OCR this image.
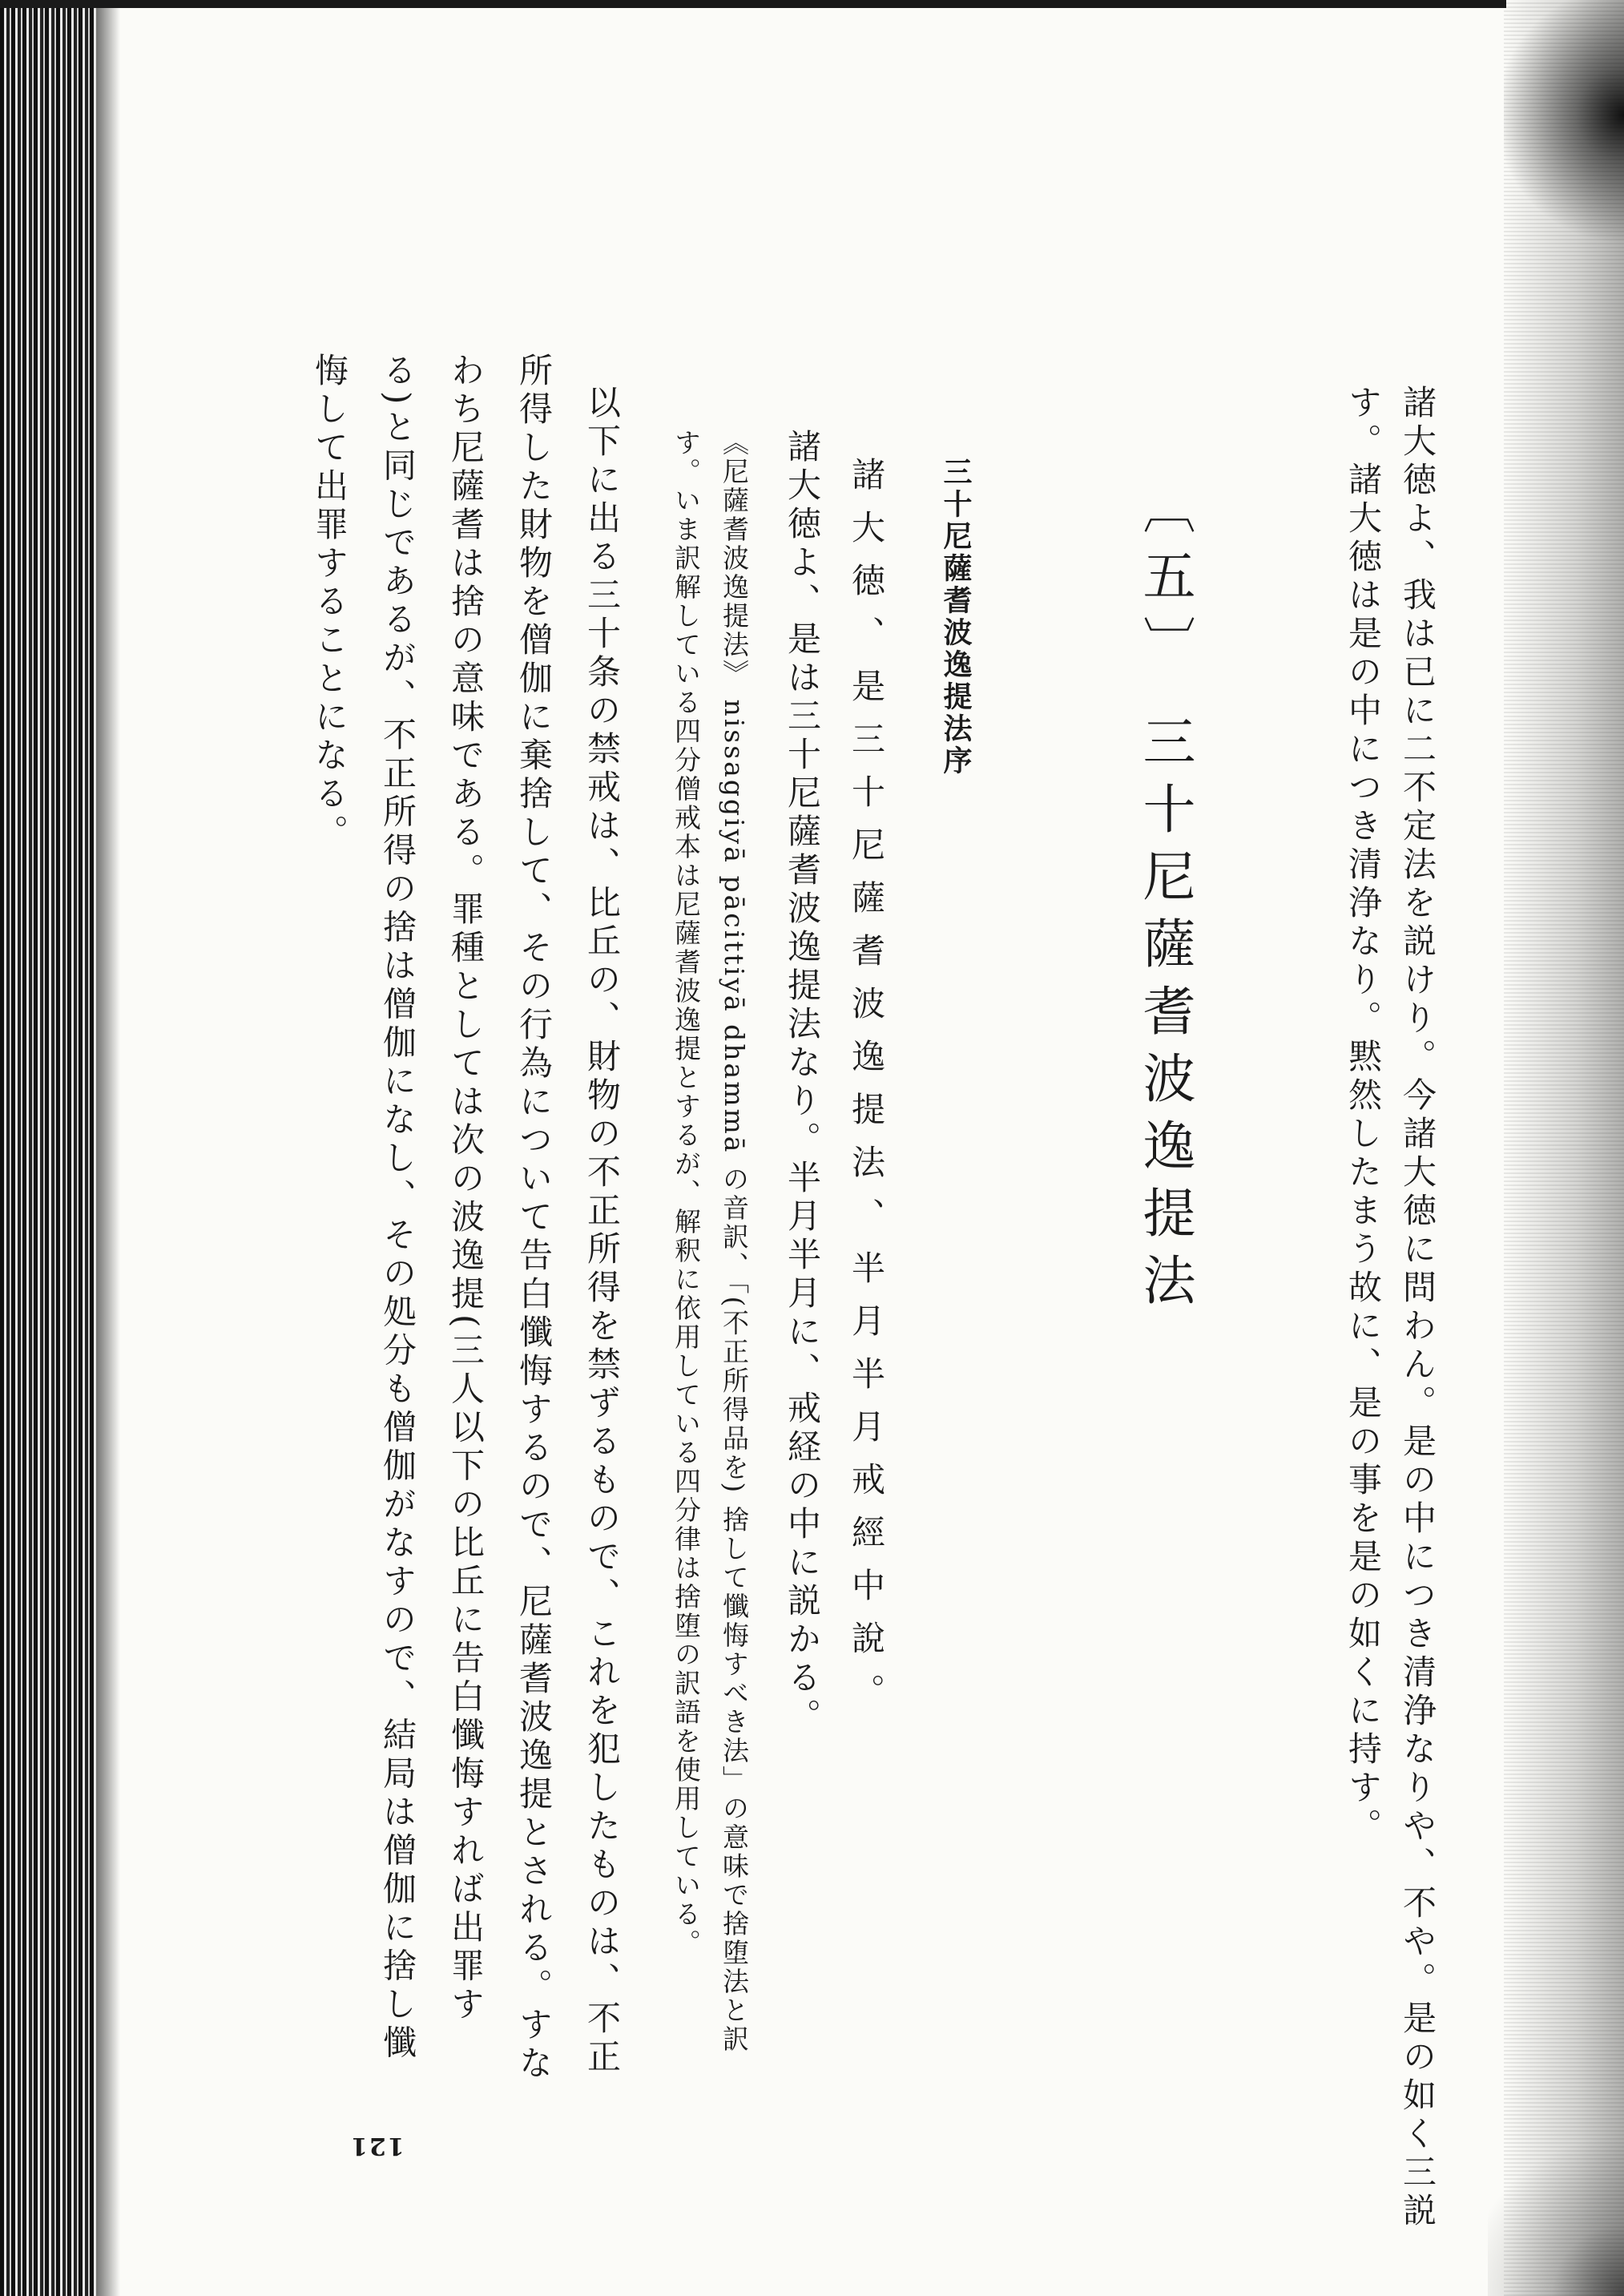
諸大徳よ、我は已に二不定法を説けり。今諸大徳に問わん。是の中につき清浄なりや、不や。是の如く三説
す。諸大徳は是の中につき清浄なり。黙然したまう故に、是の事を是の如くに持す。
〔五〕 三十尼薩耆波逸提法
三十尼薩耆波逸提法序
諸大徳、是三十尼薩耆波逸提法、半月半月戒經中說。
諸大徳よ、是は三十尼薩耆波逸提法なり。半月半月に、戒経の中に説かる。
《尼薩耆波逸提法》 nissaggiyā pācittiyā dhammā の音訳、「(不正所得品を) 捨して懺悔すべき法」の意味で捨堕法と訳
す。いま訳解している四分僧戒本は尼薩耆波逸提とするが、解釈に依用している四分律は捨堕の訳語を使用している。
以下に出る三十条の禁戒は、比丘の、財物の不正所得を禁ずるもので、これを犯したものは、不正
所得した財物を僧伽に棄捨して、その行為について告白懺悔するので、尼薩耆波逸提とされる。すな
わち尼薩耆は捨の意味である。罪種としては次の波逸提(三人以下の比丘に告白懺悔すれば出罪す
る)と同じであるが、不正所得の捨は僧伽になし、その処分も僧伽がなすので、結局は僧伽に捨し懺
悔して出罪することになる。
121
